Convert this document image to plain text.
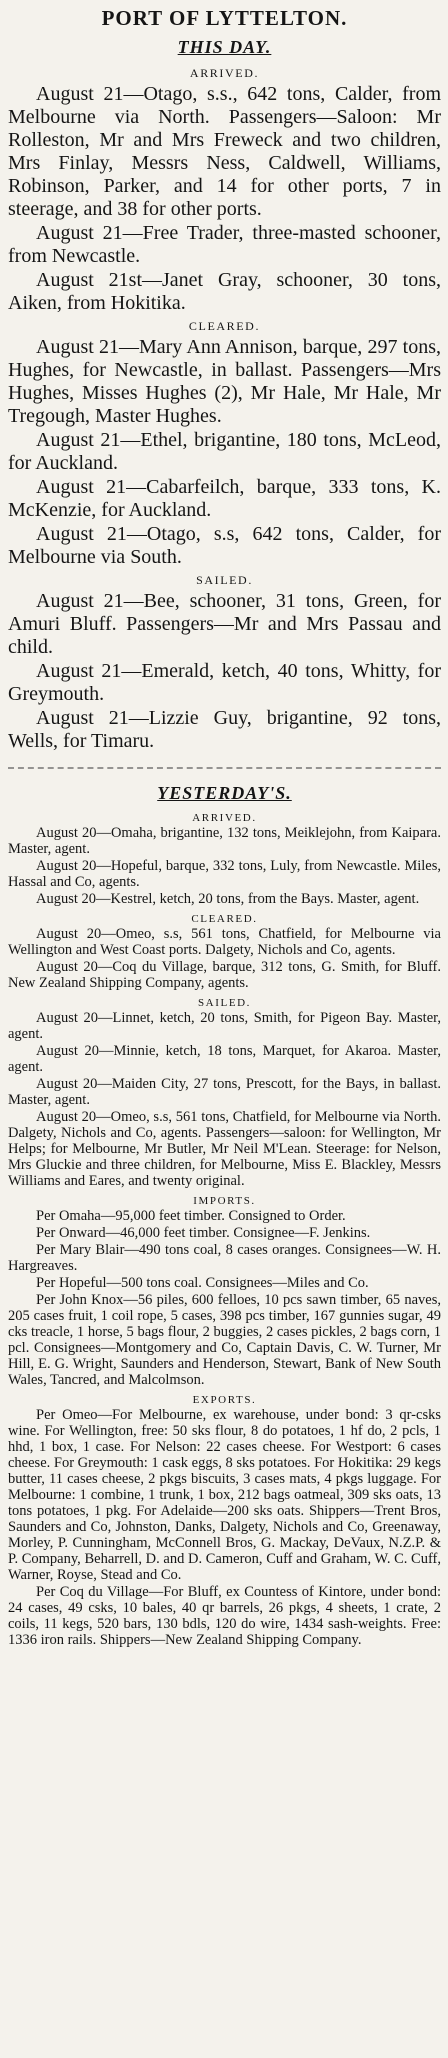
PORT OF LYTTELTON.
THIS DAY.
ARRIVED.

August 21—Otago, s.s., 642 tons, Calder, from Melbourne via North. Passengers—Saloon: Mr Rolleston, Mr and Mrs Freweck and two children, Mrs Finlay, Messrs Ness, Caldwell, Williams, Robinson, Parker, and 14 for other ports, 7 in steerage, and 38 for other ports.

August 21—Free Trader, three-masted schooner, from Newcastle.

August 21st—Janet Gray, schooner, 30 tons, Aiken, from Hokitika.

CLEARED.

August 21—Mary Ann Annison, barque, 297 tons, Hughes, for Newcastle, in ballast. Passengers—Mrs Hughes, Misses Hughes (2), Mr Hale, Mr Hale, Mr Tregough, Master Hughes.

August 21—Ethel, brigantine, 180 tons, McLeod, for Auckland.

August 21—Cabarfeilch, barque, 333 tons, K. McKenzie, for Auckland.

August 21—Otago, s.s, 642 tons, Calder, for Melbourne via South.

SAILED.

August 21—Bee, schooner, 31 tons, Green, for Amuri Bluff. Passengers—Mr and Mrs Passau and child.

August 21—Emerald, ketch, 40 tons, Whitty, for Greymouth.

August 21—Lizzie Guy, brigantine, 92 tons, Wells, for Timaru.

YESTERDAY'S.
ARRIVED.

August 20—Omaha, brigantine, 132 tons, Meiklejohn, from Kaipara. Master, agent.

August 20—Hopeful, barque, 332 tons, Luly, from Newcastle. Miles, Hassal and Co, agents.

August 20—Kestrel, ketch, 20 tons, from the Bays. Master, agent.

CLEARED.

August 20—Omeo, s.s, 561 tons, Chatfield, for Melbourne via Wellington and West Coast ports. Dalgety, Nichols and Co, agents.

August 20—Coq du Village, barque, 312 tons, G. Smith, for Bluff. New Zealand Shipping Company, agents.

SAILED.

August 20—Linnet, ketch, 20 tons, Smith, for Pigeon Bay. Master, agent.

August 20—Minnie, ketch, 18 tons, Marquet, for Akaroa. Master, agent.

August 20—Maiden City, 27 tons, Prescott, for the Bays, in ballast. Master, agent.

August 20—Omeo, s.s, 561 tons, Chatfield, for Melbourne via North. Dalgety, Nichols and Co, agents. Passengers—saloon: for Wellington, Mr Helps; for Melbourne, Mr Butler, Mr Neil M'Lean. Steerage: for Nelson, Mrs Gluckie and three children, for Melbourne, Miss E. Blackley, Messrs Williams and Eares, and twenty original.

IMPORTS.

Per Omaha—95,000 feet timber. Consigned to Order.

Per Onward—46,000 feet timber. Consignee—F. Jenkins.

Per Mary Blair—490 tons coal, 8 cases oranges. Consignees—W. H. Hargreaves.

Per Hopeful—500 tons coal. Consignees—Miles and Co.

Per John Knox—56 piles, 600 felloes, 10 pcs sawn timber, 65 naves, 205 cases fruit, 1 coil rope, 5 cases, 398 pcs timber, 167 gunnies sugar, 49 cks treacle, 1 horse, 5 bags flour, 2 buggies, 2 cases pickles, 2 bags corn, 1 pcl. Consignees—Montgomery and Co, Captain Davis, C. W. Turner, Mr Hill, E. G. Wright, Saunders and Henderson, Stewart, Bank of New South Wales, Tancred, and Malcolmson.

EXPORTS.

Per Omeo—For Melbourne, ex warehouse, under bond: 3 qr-csks wine. For Wellington, free: 50 sks flour, 8 do potatoes, 1 hf do, 2 pcls, 1 hhd, 1 box, 1 case. For Nelson: 22 cases cheese. For Westport: 6 cases cheese. For Greymouth: 1 cask eggs, 8 sks potatoes. For Hokitika: 29 kegs butter, 11 cases cheese, 2 pkgs biscuits, 3 cases mats, 4 pkgs luggage. For Melbourne: 1 combine, 1 trunk, 1 box, 212 bags oatmeal, 309 sks oats, 13 tons potatoes, 1 pkg. For Adelaide—200 sks oats. Shippers—Trent Bros, Saunders and Co, Johnston, Danks, Dalgety, Nichols and Co, Greenaway, Morley, P. Cunningham, McConnell Bros, G. Mackay, DeVaux, N.Z.P. & P. Company, Beharrell, D. and D. Cameron, Cuff and Graham, W. C. Cuff, Warner, Royse, Stead and Co.

Per Coq du Village—For Bluff, ex Countess of Kintore, under bond: 24 cases, 49 csks, 10 bales, 40 qr barrels, 26 pkgs, 4 sheets, 1 crate, 2 coils, 11 kegs, 520 bars, 130 bdls, 120 do wire, 1434 sash-weights. Free: 1336 iron rails. Shippers—New Zealand Shipping Company.
